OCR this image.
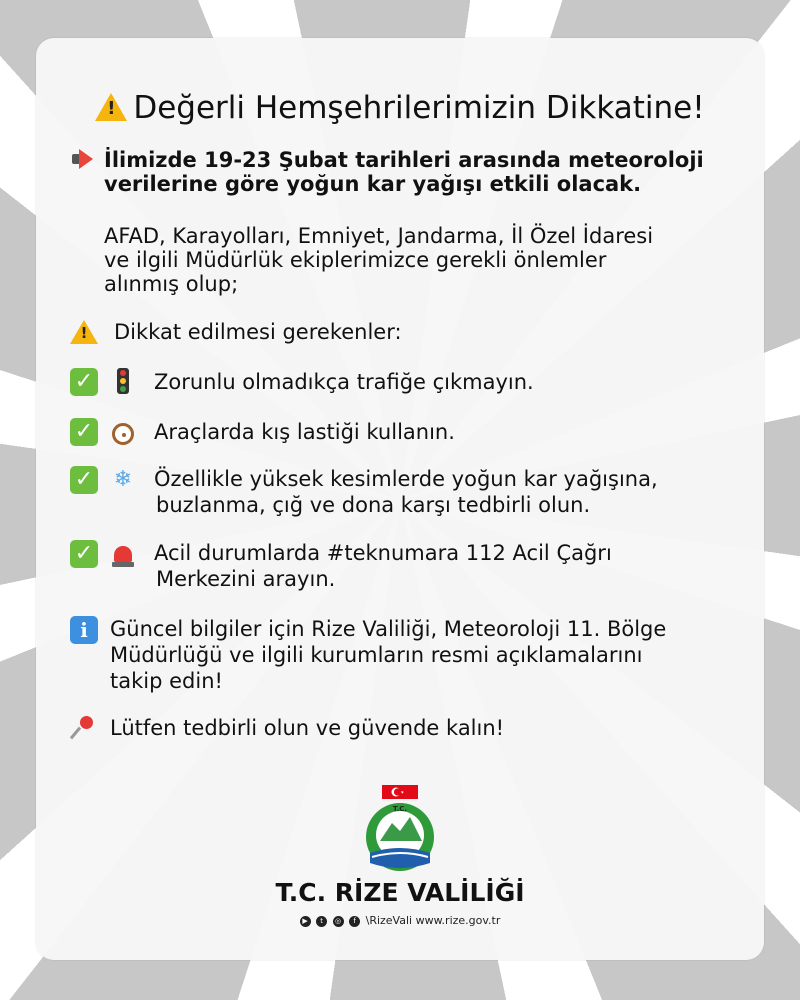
!Değerli Hemşehrilerimizin Dikkatine!
İlimizde 19-23 Şubat tarihleri arasında meteoroloji
verilerine göre yoğun kar yağışı etkili olacak.
AFAD, Karayolları, Emniyet, Jandarma, İl Özel İdaresi
ve ilgili Müdürlük ekiplerimizce gerekli önlemler
alınmış olup;
!
Dikkat edilmesi gerekenler:
✓	Zorunlu olmadıkça trafiğe çıkmayın.
✓	Araçlarda kış lastiği kullanın.
✓ ❄	Özellikle yüksek kesimlerde yoğun kar yağışına,
buzlanma, çığ ve dona karşı tedbirli olun.
✓	Acil durumlarda #teknumara 112 Acil Çağrı
Merkezini arayın.
i	Güncel bilgiler için Rize Valiliği, Meteoroloji 11. Bölge
Müdürlüğü ve ilgili kurumların resmi açıklamalarını
takip edin!
Lütfen tedbirli olun ve güvende kalın!
T.C.
T.C. RİZE VALİLİĞİ
▶ t ◎ f \RizeVali www.rize.gov.tr
